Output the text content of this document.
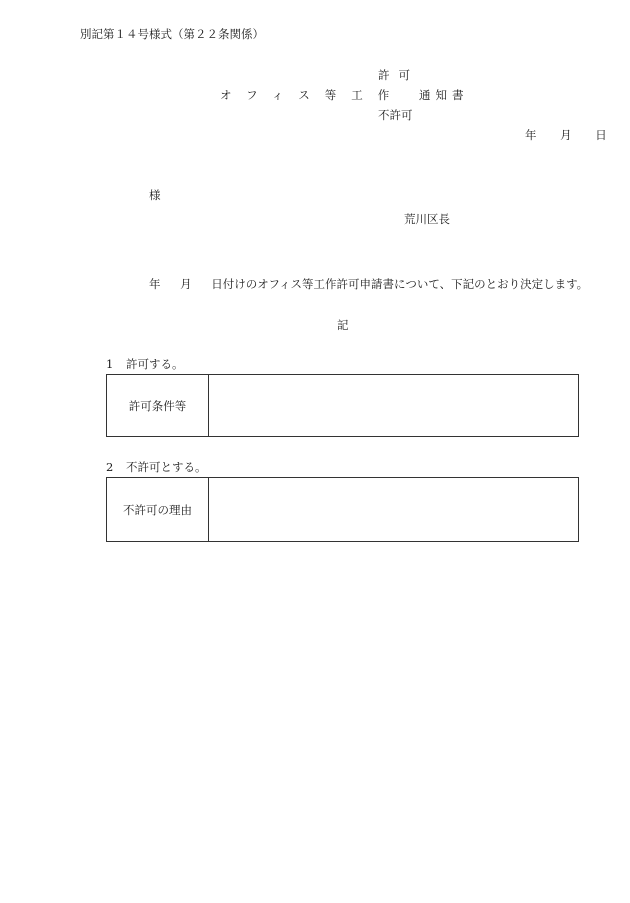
別記第１４号様式（第２２条関係）
許可
オフィス等工作 通知書
不許可
年 月 日
様
荒川区長
年 月 日付けのオフィス等工作許可申請書について、下記のとおり決定します。
記
1 許可する。
許可条件等	
2 不許可とする。
不許可の理由	
